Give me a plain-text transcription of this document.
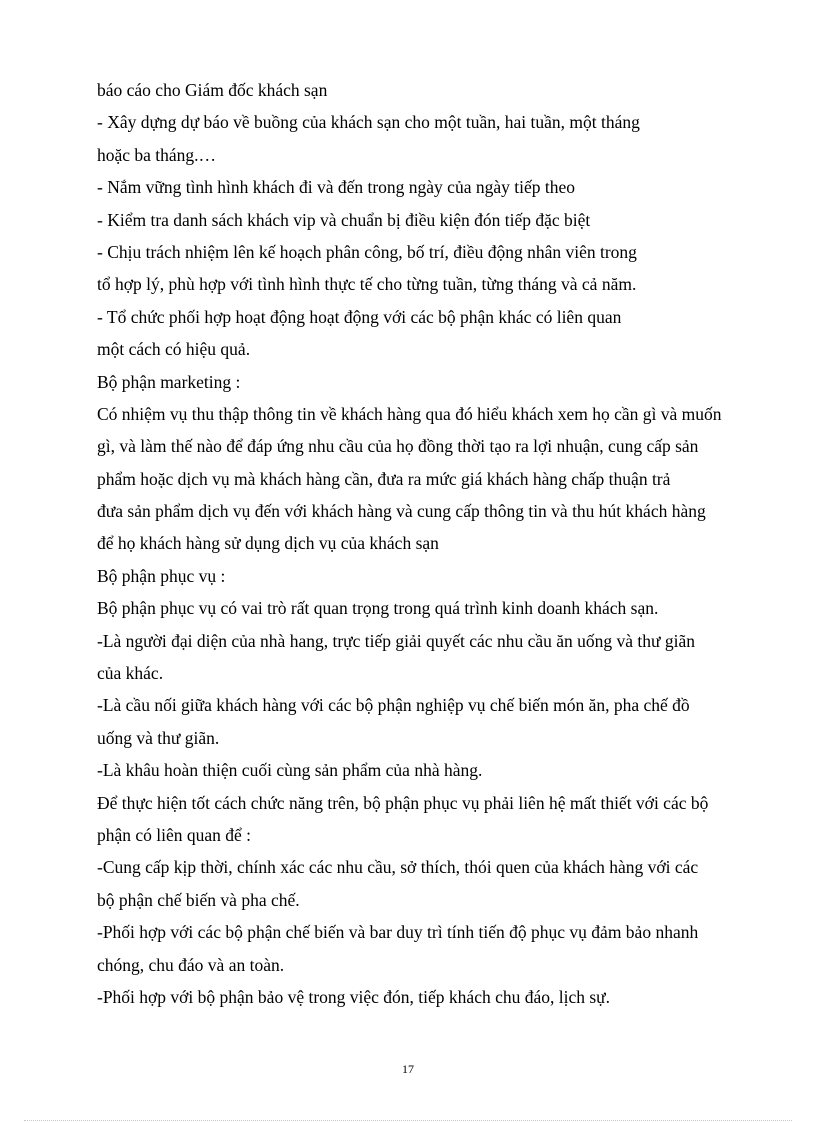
báo cáo cho Giám đốc khách sạn
- Xây dựng dự báo về buồng của khách sạn cho một tuần, hai tuần, một tháng
hoặc ba tháng.…
- Nắm vững tình hình khách đi và đến trong ngày của ngày tiếp theo
- Kiểm tra danh sách khách vip và chuẩn bị điều kiện đón tiếp đặc biệt
- Chịu trách nhiệm lên kế hoạch phân công, bố trí, điều động nhân viên trong
tổ hợp lý, phù hợp với tình hình thực tế cho từng tuần, từng tháng và cả năm.
- Tổ chức phối hợp hoạt động hoạt động với các bộ phận khác có liên quan
một cách có hiệu quả.
Bộ phận marketing :
Có nhiệm vụ thu thập thông tin về khách hàng qua đó hiểu khách xem họ cần gì và muốn
gì, và làm thế nào để đáp ứng nhu cầu của họ đồng thời tạo ra lợi nhuận, cung cấp sản
phẩm hoặc dịch vụ mà khách hàng cần, đưa ra mức giá khách hàng chấp thuận trả
đưa sản phẩm dịch vụ đến với khách hàng và cung cấp thông tin và thu hút khách hàng
để họ khách hàng sử dụng dịch vụ của khách sạn
Bộ phận phục vụ :
Bộ phận phục vụ có vai trò rất quan trọng trong quá trình kinh doanh khách sạn.
-Là người đại diện của nhà hang, trực tiếp giải quyết các nhu cầu ăn uống và thư giãn
của khác.
-Là cầu nối giữa khách hàng với các bộ phận nghiệp vụ chế biến món ăn, pha chế đồ
uống và thư giãn.
-Là khâu hoàn thiện cuối cùng sản phẩm của nhà hàng.
Để thực hiện tốt cách chức năng trên, bộ phận phục vụ phải liên hệ mất thiết với các bộ
phận có liên quan để :
-Cung cấp kịp thời, chính xác các nhu cầu, sở thích, thói quen của khách hàng với các
bộ phận chế biến và pha chế.
-Phối hợp với các bộ phận chế biến và bar duy trì tính tiến độ phục vụ đảm bảo nhanh
chóng, chu đáo và an toàn.
-Phối hợp với bộ phận bảo vệ trong việc đón, tiếp khách chu đáo, lịch sự.
17
